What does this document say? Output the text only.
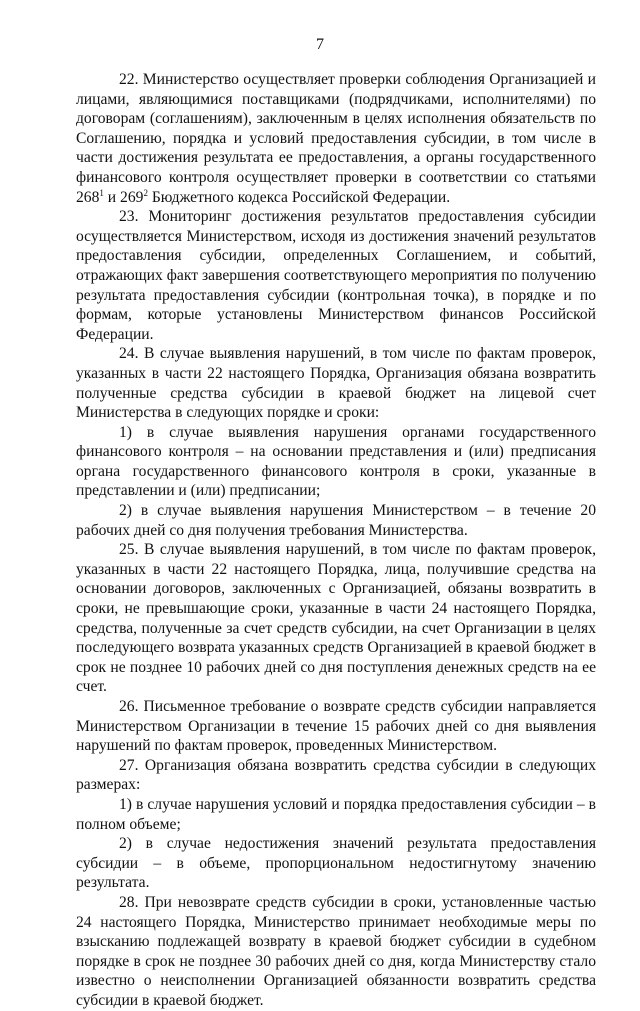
7

22. Министерство осуществляет проверки соблюдения Организацией и лицами, являющимися поставщиками (подрядчиками, исполнителями) по договорам (соглашениям), заключенным в целях исполнения обязательств по Соглашению, порядка и условий предоставления субсидии, в том числе в части достижения результата ее предоставления, а органы государственного финансового контроля осуществляет проверки в соответствии со статьями $268^1$ и $269^2$ Бюджетного кодекса Российской Федерации.

23. Мониторинг достижения результатов предоставления субсидии осуществляется Министерством, исходя из достижения значений результатов предоставления субсидии, определенных Соглашением, и событий, отражающих факт завершения соответствующего мероприятия по получению результата предоставления субсидии (контрольная точка), в порядке и по формам, которые установлены Министерством финансов Российской Федерации.

24. В случае выявления нарушений, в том числе по фактам проверок, указанных в части 22 настоящего Порядка, Организация обязана возвратить полученные средства субсидии в краевой бюджет на лицевой счет Министерства в следующих порядке и сроки:

1) в случае выявления нарушения органами государственного финансового контроля – на основании представления и (или) предписания органа государственного финансового контроля в сроки, указанные в представлении и (или) предписании;

2) в случае выявления нарушения Министерством – в течение 20 рабочих дней со дня получения требования Министерства.

25. В случае выявления нарушений, в том числе по фактам проверок, указанных в части 22 настоящего Порядка, лица, получившие средства на основании договоров, заключенных с Организацией, обязаны возвратить в сроки, не превышающие сроки, указанные в части 24 настоящего Порядка, средства, полученные за счет средств субсидии, на счет Организации в целях последующего возврата указанных средств Организацией в краевой бюджет в срок не позднее 10 рабочих дней со дня поступления денежных средств на ее счет.

26. Письменное требование о возврате средств субсидии направляется Министерством Организации в течение 15 рабочих дней со дня выявления нарушений по фактам проверок, проведенных Министерством.

27. Организация обязана возвратить средства субсидии в следующих размерах:

1) в случае нарушения условий и порядка предоставления субсидии – в полном объеме;

2) в случае недостижения значений результата предоставления субсидии – в объеме, пропорциональном недостигнутому значению результата.

28. При невозврате средств субсидии в сроки, установленные частью 24 настоящего Порядка, Министерство принимает необходимые меры по взысканию подлежащей возврату в краевой бюджет субсидии в судебном порядке в срок не позднее 30 рабочих дней со дня, когда Министерству стало известно о неисполнении Организацией обязанности возвратить средства субсидии в краевой бюджет.
